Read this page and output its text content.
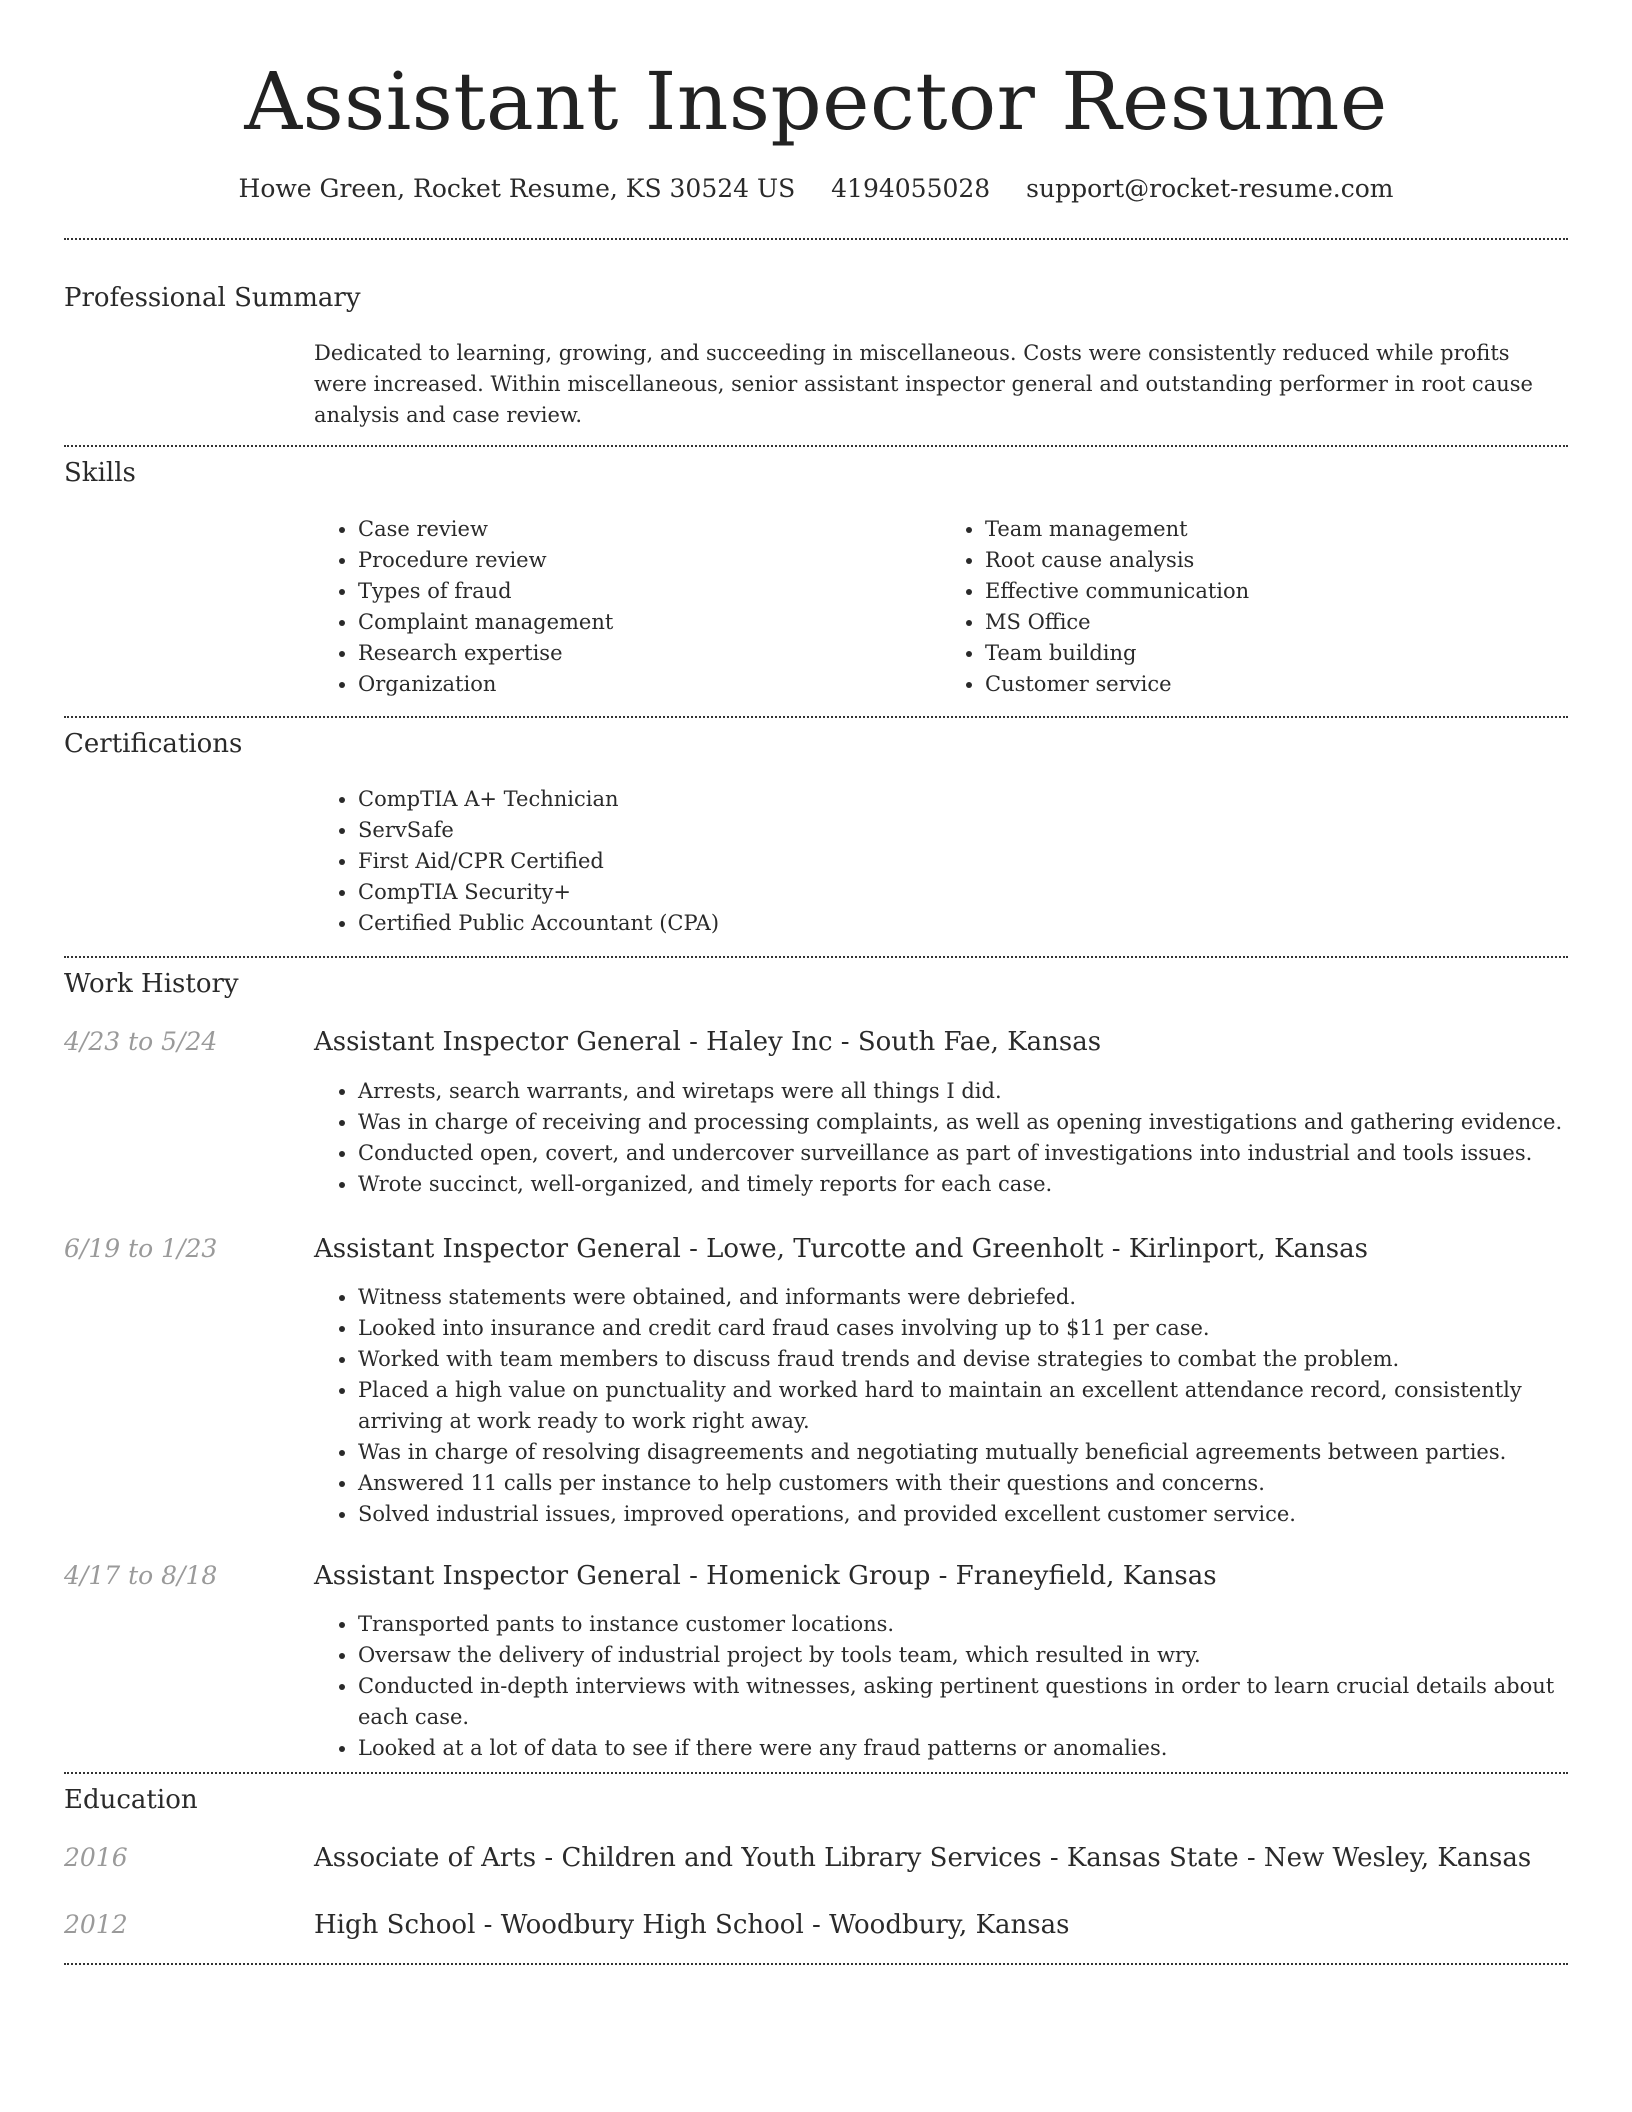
Assistant Inspector Resume
Howe Green, Rocket Resume, KS 30524 US 4194055028 support@rocket-resume.com
Professional Summary

Dedicated to learning, growing, and succeeding in miscellaneous. Costs were consistently reduced while profits were increased. Within miscellaneous, senior assistant inspector general and outstanding performer in root cause analysis and case review.

Skills
• Case review
• Procedure review
• Types of fraud
• Complaint management
• Research expertise
• Organization
• Team management
• Root cause analysis
• Effective communication
• MS Office
• Team building
• Customer service
Certifications
• CompTIA A+ Technician
• ServSafe
• First Aid/CPR Certified
• CompTIA Security+
• Certified Public Accountant (CPA)
Work History
4/23 to 5/24	Assistant Inspector General - Haley Inc - South Fae, Kansas
• Arrests, search warrants, and wiretaps were all things I did.
• Was in charge of receiving and processing complaints, as well as opening investigations and gathering evidence.
• Conducted open, covert, and undercover surveillance as part of investigations into industrial and tools issues.
• Wrote succinct, well-organized, and timely reports for each case.
6/19 to 1/23	Assistant Inspector General - Lowe, Turcotte and Greenholt - Kirlinport, Kansas
• Witness statements were obtained, and informants were debriefed.
• Looked into insurance and credit card fraud cases involving up to $11 per case.
• Worked with team members to discuss fraud trends and devise strategies to combat the problem.
• Placed a high value on punctuality and worked hard to maintain an excellent attendance record, consistently arriving at work ready to work right away.
• Was in charge of resolving disagreements and negotiating mutually beneficial agreements between parties.
• Answered 11 calls per instance to help customers with their questions and concerns.
• Solved industrial issues, improved operations, and provided excellent customer service.
4/17 to 8/18	Assistant Inspector General - Homenick Group - Franeyfield, Kansas
• Transported pants to instance customer locations.
• Oversaw the delivery of industrial project by tools team, which resulted in wry.
• Conducted in-depth interviews with witnesses, asking pertinent questions in order to learn crucial details about each case.
• Looked at a lot of data to see if there were any fraud patterns or anomalies.
Education
2016	Associate of Arts - Children and Youth Library Services - Kansas State - New Wesley, Kansas
2012	High School - Woodbury High School - Woodbury, Kansas
